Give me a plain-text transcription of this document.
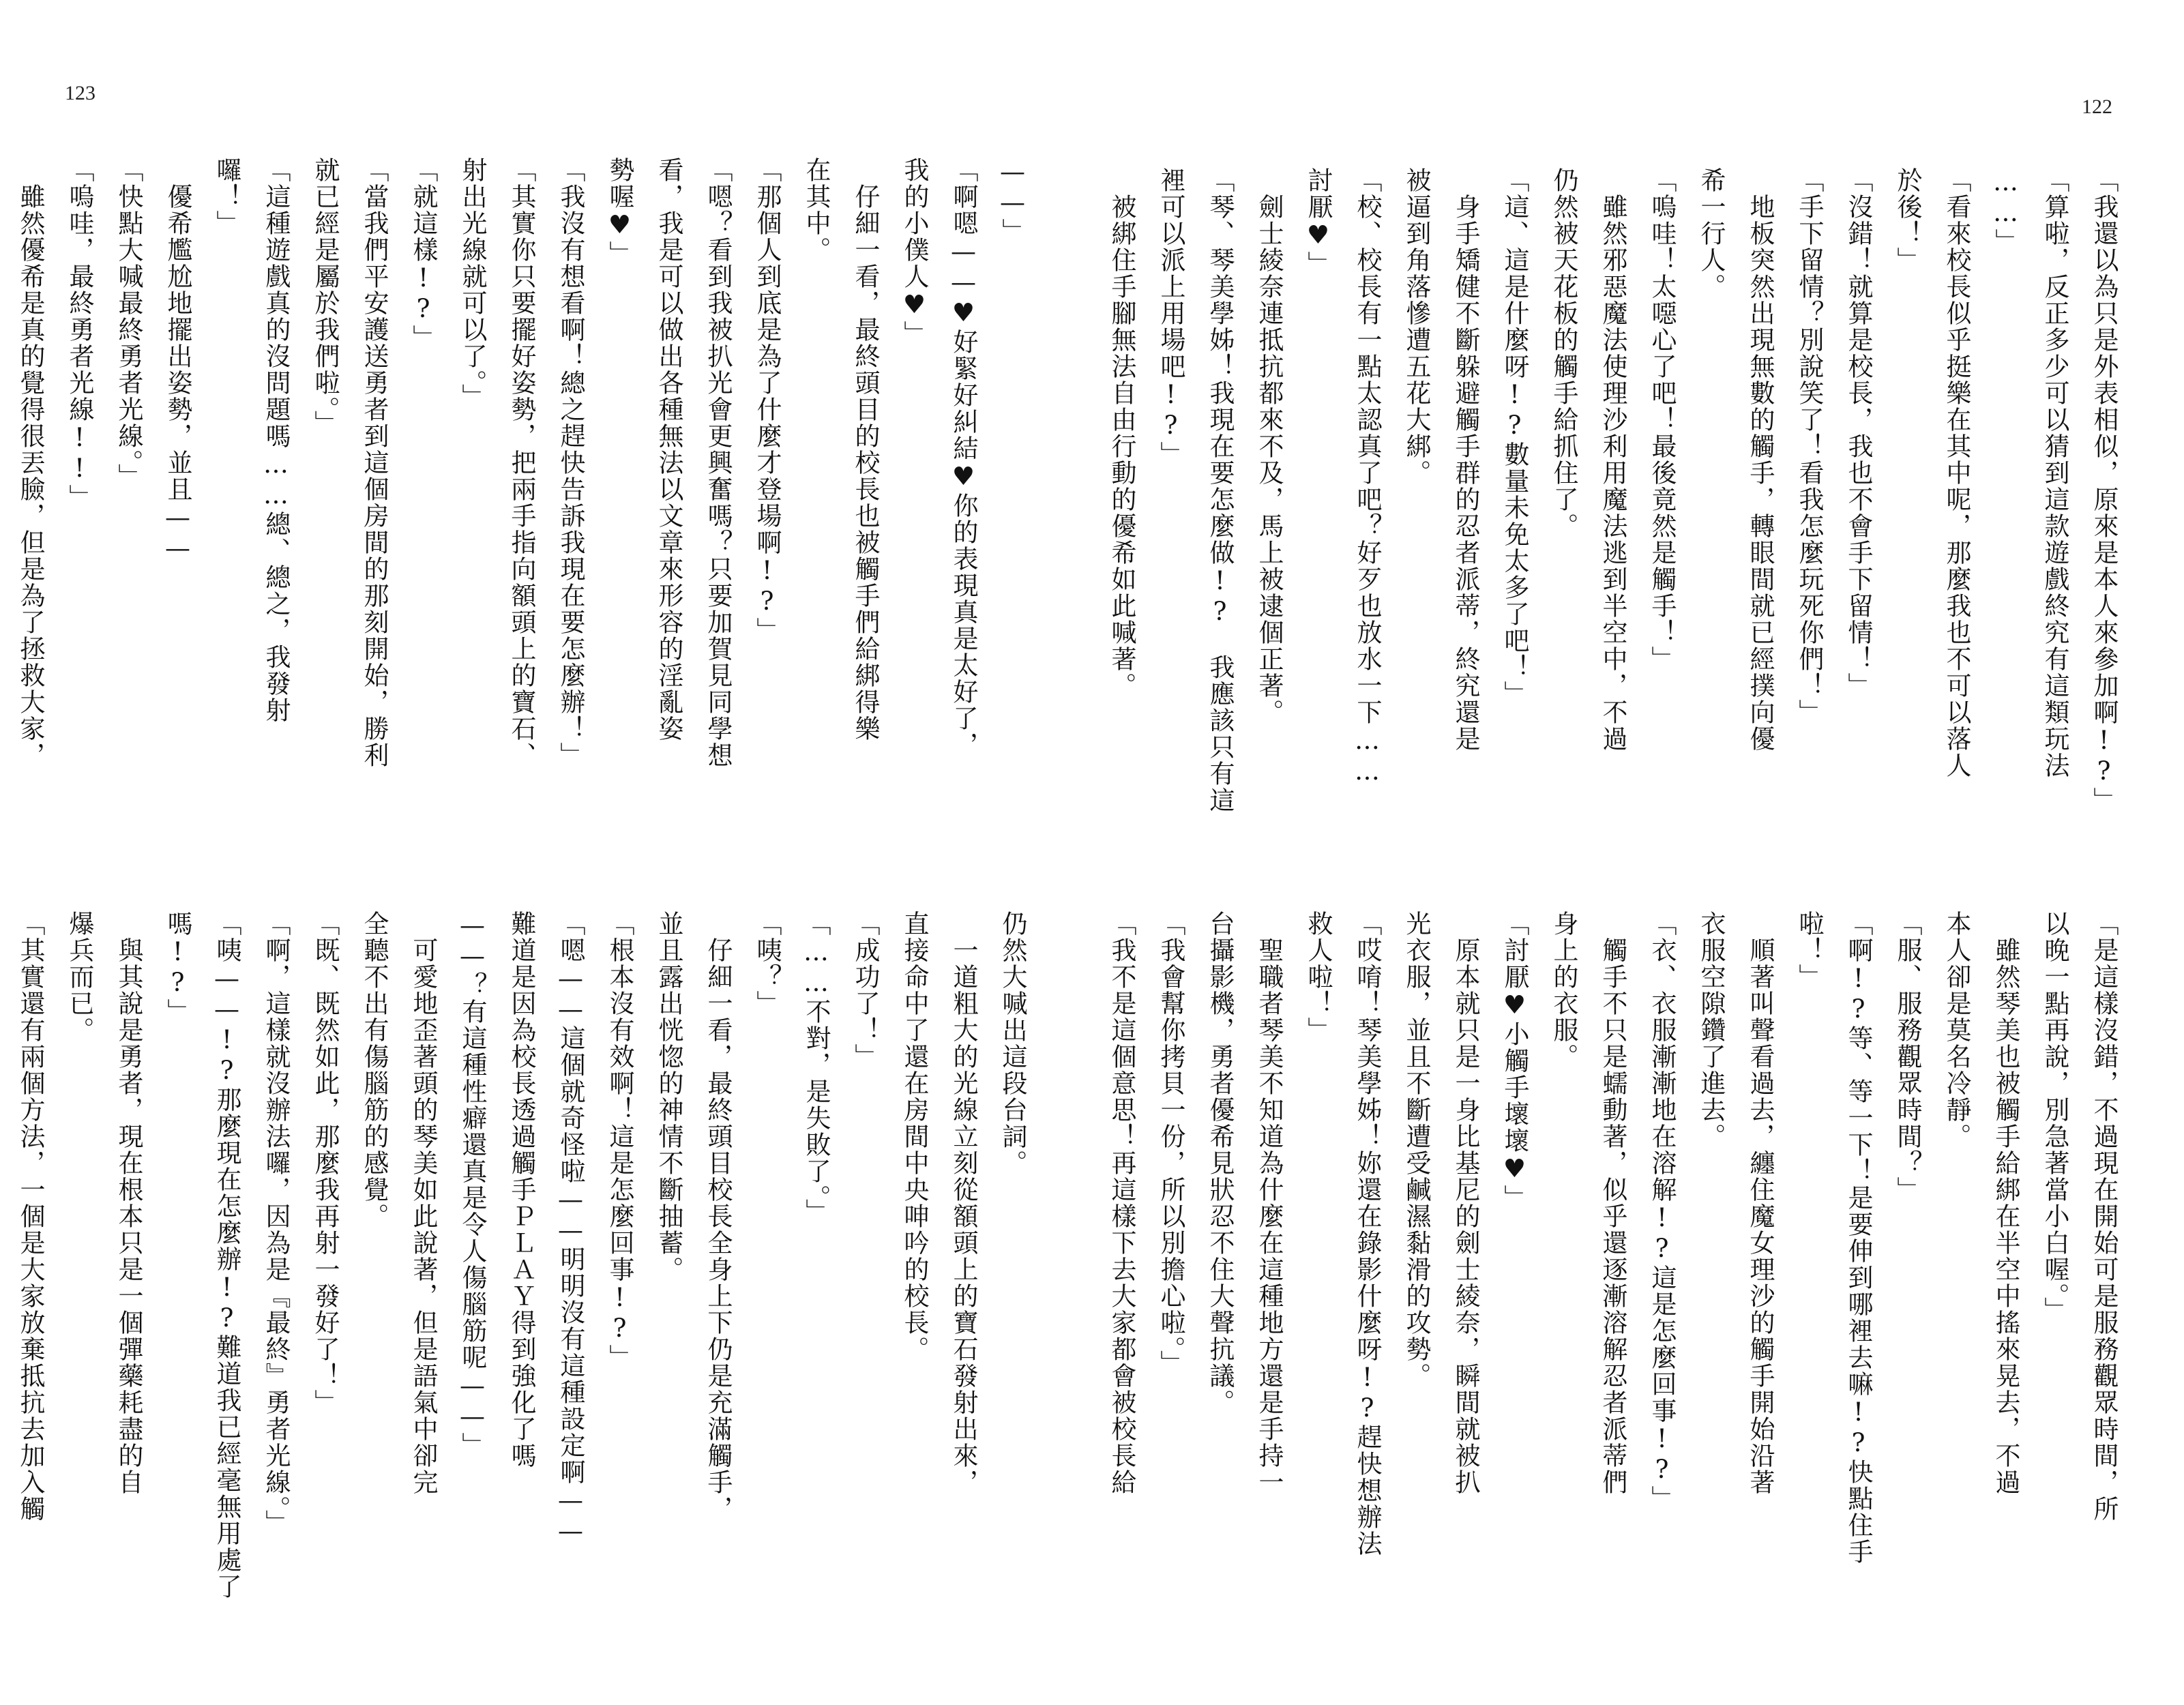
123
122
「我還以為只是外表相似，原來是本人來參加啊!?」
「算啦，反正多少可以猜到這款遊戲終究有這類玩法
……」
「看來校長似乎挺樂在其中呢，那麼我也不可以落人
於後！」
「沒錯！就算是校長，我也不會手下留情！」
「手下留情？別說笑了！看我怎麼玩死你們！」
　地板突然出現無數的觸手，轉眼間就已經撲向優
希一行人。
「嗚哇！太噁心了吧！最後竟然是觸手！」
　雖然邪惡魔法使理沙利用魔法逃到半空中，不過
仍然被天花板的觸手給抓住了。
「這、這是什麼呀!?數量未免太多了吧！」
　身手矯健不斷躲避觸手群的忍者派蒂，終究還是
被逼到角落慘遭五花大綁。
「校、校長有一點太認真了吧？好歹也放水一下……
討厭♥」
　劍士綾奈連抵抗都來不及，馬上被逮個正著。
「琴、琴美學姊！我現在要怎麼做!?　我應該只有這
裡可以派上用場吧!?」
　被綁住手腳無法自由行動的優希如此喊著。
「是這樣沒錯，不過現在開始可是服務觀眾時間，所
以晚一點再說，別急著當小白喔。」
　雖然琴美也被觸手給綁在半空中搖來晃去，不過
本人卻是莫名冷靜。
「服、服務觀眾時間？」
「啊!?等、等一下！是要伸到哪裡去嘛!?快點住手
啦！」
　順著叫聲看過去，纏住魔女理沙的觸手開始沿著
衣服空隙鑽了進去。
「衣、衣服漸漸地在溶解!?這是怎麼回事!?」
　觸手不只是蠕動著，似乎還逐漸溶解忍者派蒂們
身上的衣服。
「討厭♥小觸手壞壞♥」
　原本就只是一身比基尼的劍士綾奈，瞬間就被扒
光衣服，並且不斷遭受鹹濕黏滑的攻勢。
「哎唷！琴美學姊！妳還在錄影什麼呀!?趕快想辦法
救人啦！」
　聖職者琴美不知道為什麼在這種地方還是手持一
台攝影機，勇者優希見狀忍不住大聲抗議。
「我會幫你拷貝一份，所以別擔心啦。」
「我不是這個意思！再這樣下去大家都會被校長給
——」
「啊嗯——♥好緊好糾結♥你的表現真是太好了，
我的小僕人♥」
　仔細一看，最終頭目的校長也被觸手們給綁得樂
在其中。
「那個人到底是為了什麼才登場啊!?」
「嗯？看到我被扒光會更興奮嗎？只要加賀見同學想
看，我是可以做出各種無法以文章來形容的淫亂姿
勢喔♥」
「我沒有想看啊！總之趕快告訴我現在要怎麼辦！」
「其實你只要擺好姿勢，把兩手指向額頭上的寶石、
射出光線就可以了。」
「就這樣!?」
「當我們平安護送勇者到這個房間的那刻開始，勝利
就已經是屬於我們啦。」
「這種遊戲真的沒問題嗎……總、總之，我發射
囉！」
　優希尷尬地擺出姿勢，並且——
「快點大喊最終勇者光線。」
「嗚哇，最終勇者光線!!」
　雖然優希是真的覺得很丟臉，但是為了拯救大家，
仍然大喊出這段台詞。
　一道粗大的光線立刻從額頭上的寶石發射出來，
直接命中了還在房間中央呻吟的校長。
「成功了！」
「……不對，是失敗了。」
「咦？」
　仔細一看，最終頭目校長全身上下仍是充滿觸手，
並且露出恍惚的神情不斷抽蓄。
「根本沒有效啊！這是怎麼回事!?」
「嗯——這個就奇怪啦——明明沒有這種設定啊——
難道是因為校長透過觸手ＰＬＡＹ得到強化了嗎
——？有這種性癖還真是令人傷腦筋呢——」
　可愛地歪著頭的琴美如此說著，但是語氣中卻完
全聽不出有傷腦筋的感覺。
「既、既然如此，那麼我再射一發好了！」
「啊，這樣就沒辦法囉，因為是『最終』勇者光線。」
「咦——!?那麼現在怎麼辦!?難道我已經毫無用處了
嗎!?」
　與其說是勇者，現在根本只是一個彈藥耗盡的自
爆兵而已。
「其實還有兩個方法，一個是大家放棄抵抗去加入觸
